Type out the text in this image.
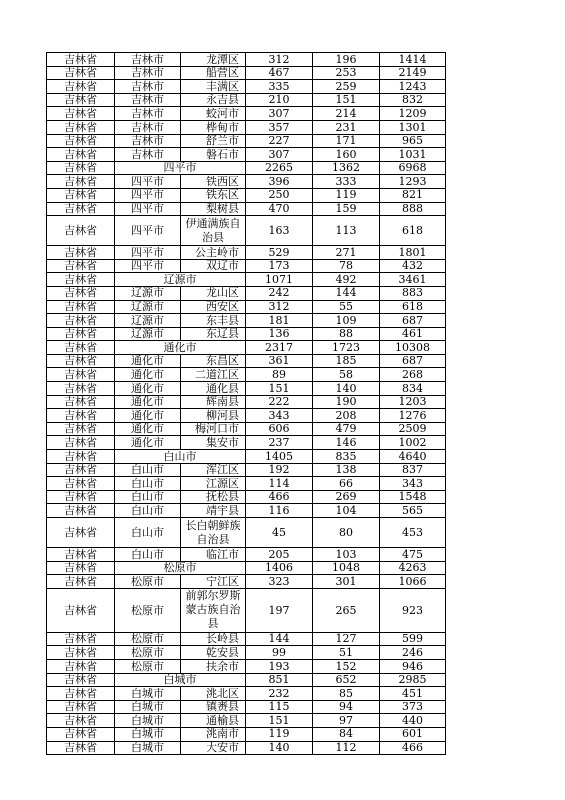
吉林省	吉林市	龙潭区	312	196	1414
吉林省	吉林市	船营区	467	253	2149
吉林省	吉林市	丰满区	335	259	1243
吉林省	吉林市	永吉县	210	151	832
吉林省	吉林市	蛟河市	307	214	1209
吉林省	吉林市	桦甸市	357	231	1301
吉林省	吉林市	舒兰市	227	171	965
吉林省	吉林市	磐石市	307	160	1031
吉林省	四平市		2265	1362	6968
吉林省	四平市	铁西区	396	333	1293
吉林省	四平市	铁东区	250	119	821
吉林省	四平市	梨树县	470	159	888
吉林省	四平市	伊通满族自治县	163	113	618
吉林省	四平市	公主岭市	529	271	1801
吉林省	四平市	双辽市	173	78	432
吉林省	辽源市		1071	492	3461
吉林省	辽源市	龙山区	242	144	883
吉林省	辽源市	西安区	312	55	618
吉林省	辽源市	东丰县	181	109	687
吉林省	辽源市	东辽县	136	88	461
吉林省	通化市		2317	1723	10308
吉林省	通化市	东昌区	361	185	687
吉林省	通化市	二道江区	89	58	268
吉林省	通化市	通化县	151	140	834
吉林省	通化市	辉南县	222	190	1203
吉林省	通化市	柳河县	343	208	1276
吉林省	通化市	梅河口市	606	479	2509
吉林省	通化市	集安市	237	146	1002
吉林省	白山市		1405	835	4640
吉林省	白山市	浑江区	192	138	837
吉林省	白山市	江源区	114	66	343
吉林省	白山市	抚松县	466	269	1548
吉林省	白山市	靖宇县	116	104	565
吉林省	白山市	长白朝鲜族自治县	45	80	453
吉林省	白山市	临江市	205	103	475
吉林省	松原市		1406	1048	4263
吉林省	松原市	宁江区	323	301	1066
吉林省	松原市	前郭尔罗斯蒙古族自治县	197	265	923
吉林省	松原市	长岭县	144	127	599
吉林省	松原市	乾安县	99	51	246
吉林省	松原市	扶余市	193	152	946
吉林省	白城市		851	652	2985
吉林省	白城市	洮北区	232	85	451
吉林省	白城市	镇赉县	115	94	373
吉林省	白城市	通榆县	151	97	440
吉林省	白城市	洮南市	119	84	601
吉林省	白城市	大安市	140	112	466
